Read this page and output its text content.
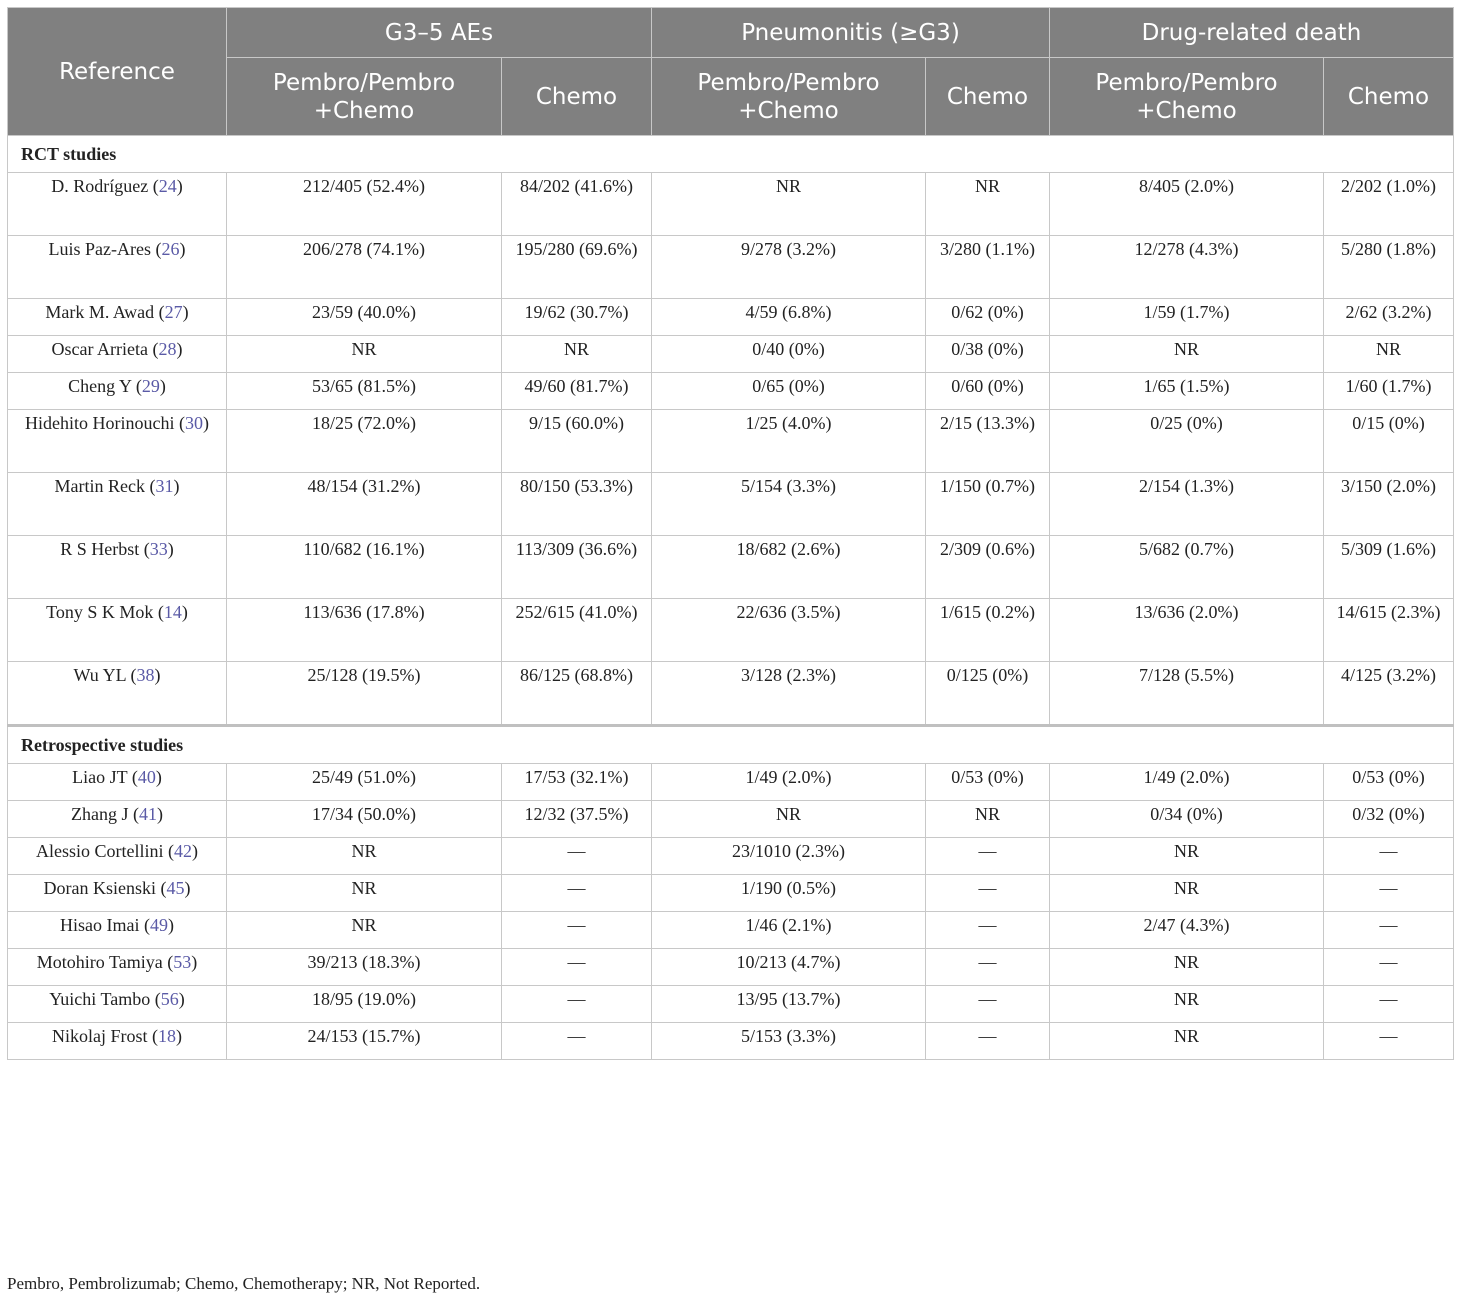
Reference	G3–5 AEs		Pneumonitis (≥G3)		Drug-related death	
	Pembro/Pembro +Chemo	Chemo	Pembro/Pembro +Chemo	Chemo	Pembro/Pembro +Chemo	Chemo
RCT studies						
D. Rodríguez (24)	212/405 (52.4%)	84/202 (41.6%)	NR	NR	8/405 (2.0%)	2/202 (1.0%)
Luis Paz-Ares (26)	206/278 (74.1%)	195/280 (69.6%)	9/278 (3.2%)	3/280 (1.1%)	12/278 (4.3%)	5/280 (1.8%)
Mark M. Awad (27)	23/59 (40.0%)	19/62 (30.7%)	4/59 (6.8%)	0/62 (0%)	1/59 (1.7%)	2/62 (3.2%)
Oscar Arrieta (28)	NR	NR	0/40 (0%)	0/38 (0%)	NR	NR
Cheng Y (29)	53/65 (81.5%)	49/60 (81.7%)	0/65 (0%)	0/60 (0%)	1/65 (1.5%)	1/60 (1.7%)
Hidehito Horinouchi (30)	18/25 (72.0%)	9/15 (60.0%)	1/25 (4.0%)	2/15 (13.3%)	0/25 (0%)	0/15 (0%)
Martin Reck (31)	48/154 (31.2%)	80/150 (53.3%)	5/154 (3.3%)	1/150 (0.7%)	2/154 (1.3%)	3/150 (2.0%)
R S Herbst (33)	110/682 (16.1%)	113/309 (36.6%)	18/682 (2.6%)	2/309 (0.6%)	5/682 (0.7%)	5/309 (1.6%)
Tony S K Mok (14)	113/636 (17.8%)	252/615 (41.0%)	22/636 (3.5%)	1/615 (0.2%)	13/636 (2.0%)	14/615 (2.3%)
Wu YL (38)	25/128 (19.5%)	86/125 (68.8%)	3/128 (2.3%)	0/125 (0%)	7/128 (5.5%)	4/125 (3.2%)
Retrospective studies						
Liao JT (40)	25/49 (51.0%)	17/53 (32.1%)	1/49 (2.0%)	0/53 (0%)	1/49 (2.0%)	0/53 (0%)
Zhang J (41)	17/34 (50.0%)	12/32 (37.5%)	NR	NR	0/34 (0%)	0/32 (0%)
Alessio Cortellini (42)	NR	—	23/1010 (2.3%)	—	NR	—
Doran Ksienski (45)	NR	—	1/190 (0.5%)	—	NR	—
Hisao Imai (49)	NR	—	1/46 (2.1%)	—	2/47 (4.3%)	—
Motohiro Tamiya (53)	39/213 (18.3%)	—	10/213 (4.7%)	—	NR	—
Yuichi Tambo (56)	18/95 (19.0%)	—	13/95 (13.7%)	—	NR	—
Nikolaj Frost (18)	24/153 (15.7%)	—	5/153 (3.3%)	—	NR	—
Pembro, Pembrolizumab; Chemo, Chemotherapy; NR, Not Reported.
